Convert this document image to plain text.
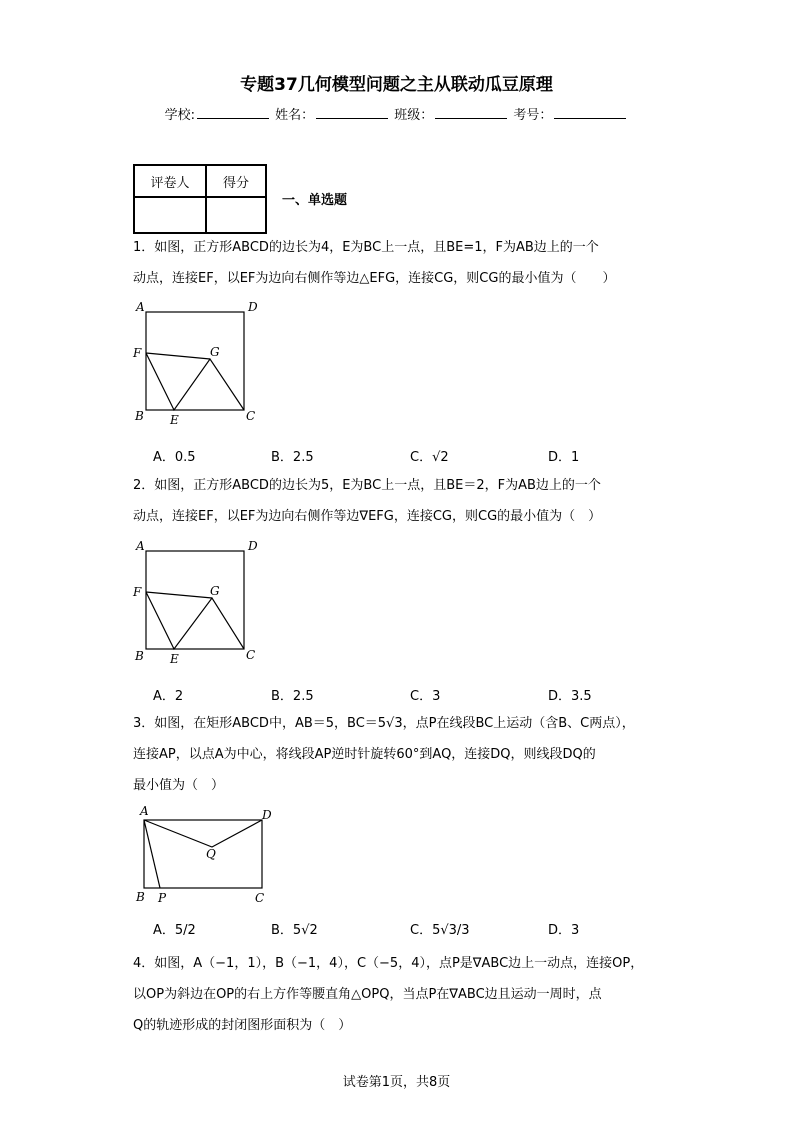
专题37几何模型问题之主从联动瓜豆原理
学校:	姓名：	班级：	考号：
评卷人	得分

一、单选题
1．如图，正方形ABCD的边长为4，E为BC上一点，且BE=1，F为AB边上的一个
动点，连接EF，以EF为边向右侧作等边△EFG，连接CG，则CG的最小值为（　　）
A	D
F	G
B E	C
A．0.5	B．2.5	C．√2	D．1
2．如图，正方形ABCD的边长为5，E为BC上一点，且BE＝2，F为AB边上的一个
动点，连接EF，以EF为边向右侧作等边∇EFG，连接CG，则CG的最小值为（　）
A	D
F	G
B E	C
A．2	B．2.5	C．3	D．3.5
3．如图，在矩形ABCD中，AB＝5，BC＝5√3，点P在线段BC上运动（含B、C两点），
连接AP，以点A为中心，将线段AP逆时针旋转60°到AQ，连接DQ，则线段DQ的
最小值为（　）
A	D
Q
B P	C
A．5/2	B．5√2	C．5√3/3	D．3
4．如图，A（−1，1），B（−1，4），C（−5，4），点P是∇ABC边上一动点，连接OP，
以OP为斜边在OP的右上方作等腰直角△OPQ，当点P在∇ABC边且运动一周时，点
Q的轨迹形成的封闭图形面积为（　）
试卷第1页，共8页
